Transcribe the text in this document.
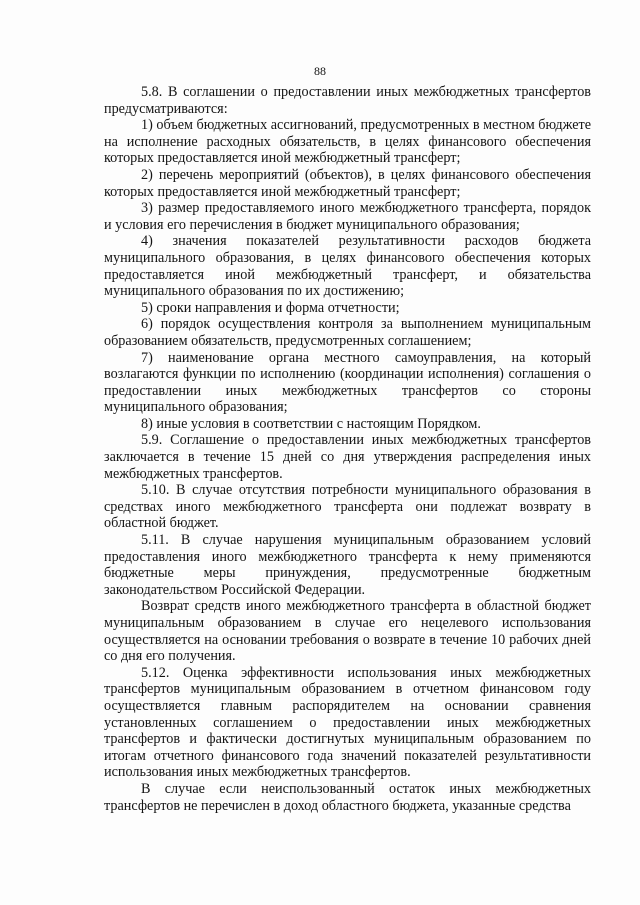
88

5.8. В соглашении о предоставлении иных межбюджетных трансфертов предусматриваются:

1) объем бюджетных ассигнований, предусмотренных в местном бюджете на исполнение расходных обязательств, в целях финансового обеспечения которых предоставляется иной межбюджетный трансферт;

2) перечень мероприятий (объектов), в целях финансового обеспечения которых предоставляется иной межбюджетный трансферт;

3) размер предоставляемого иного межбюджетного трансферта, порядок и условия его перечисления в бюджет муниципального образования;

4) значения показателей результативности расходов бюджета муниципального образования, в целях финансового обеспечения которых предоставляется иной межбюджетный трансферт, и обязательства муниципального образования по их достижению;

5) сроки направления и форма отчетности;

6) порядок осуществления контроля за выполнением муниципальным образованием обязательств, предусмотренных соглашением;

7) наименование органа местного самоуправления, на который возлагаются функции по исполнению (координации исполнения) соглашения о предоставлении иных межбюджетных трансфертов со стороны муниципального образования;

8) иные условия в соответствии с настоящим Порядком.

5.9. Соглашение о предоставлении иных межбюджетных трансфертов заключается в течение 15 дней со дня утверждения распределения иных межбюджетных трансфертов.

5.10. В случае отсутствия потребности муниципального образования в средствах иного межбюджетного трансферта они подлежат возврату в областной бюджет.

5.11. В случае нарушения муниципальным образованием условий предоставления иного межбюджетного трансферта к нему применяются бюджетные меры принуждения, предусмотренные бюджетным законодательством Российской Федерации.

Возврат средств иного межбюджетного трансферта в областной бюджет муниципальным образованием в случае его нецелевого использования осуществляется на основании требования о возврате в течение 10 рабочих дней со дня его получения.

5.12. Оценка эффективности использования иных межбюджетных трансфертов муниципальным образованием в отчетном финансовом году осуществляется главным распорядителем на основании сравнения установленных соглашением о предоставлении иных межбюджетных трансфертов и фактически достигнутых муниципальным образованием по итогам отчетного финансового года значений показателей результативности использования иных межбюджетных трансфертов.

В случае если неиспользованный остаток иных межбюджетных трансфертов не перечислен в доход областного бюджета, указанные средства
